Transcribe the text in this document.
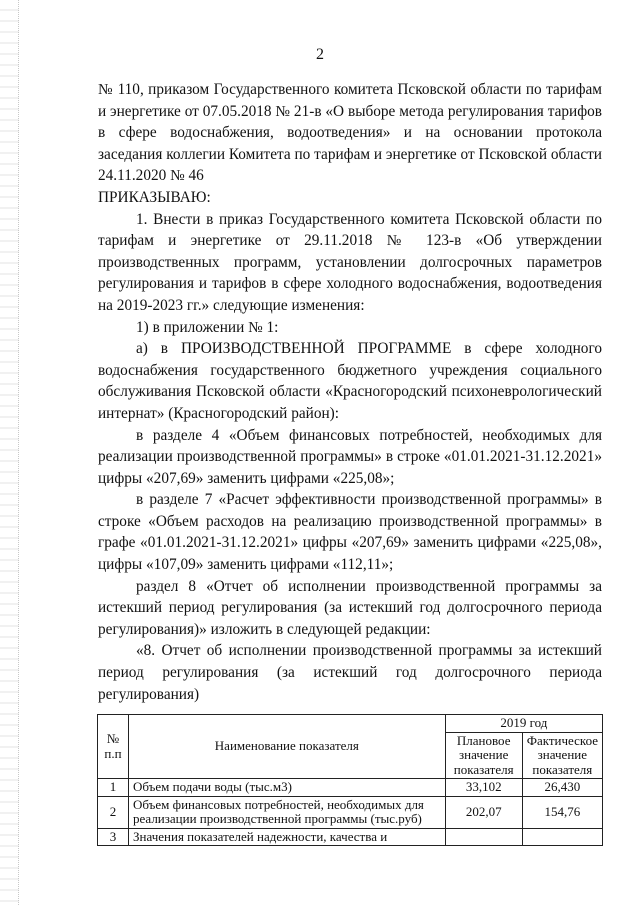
2

№ 110, приказом Государственного комитета Псковской области по тарифам и энергетике от 07.05.2018 № 21-в «О выборе метода регулирования тарифов в сфере водоснабжения, водоотведения» и на основании протокола заседания коллегии Комитета по тарифам и энергетике от Псковской области

24.11.2020 № 46

ПРИКАЗЫВАЮ:

1. Внести в приказ Государственного комитета Псковской области по тарифам и энергетике от 29.11.2018 № 123-в «Об утверждении производственных программ, установлении долгосрочных параметров регулирования и тарифов в сфере холодного водоснабжения, водоотведения на 2019-2023 гг.» следующие изменения:

1) в приложении № 1:

а) в ПРОИЗВОДСТВЕННОЙ ПРОГРАММЕ в сфере холодного водоснабжения государственного бюджетного учреждения социального обслуживания Псковской области «Красногородский психоневрологический интернат» (Красногородский район):

в разделе 4 «Объем финансовых потребностей, необходимых для реализации производственной программы» в строке «01.01.2021-31.12.2021» цифры «207,69» заменить цифрами «225,08»;

в разделе 7 «Расчет эффективности производственной программы» в строке «Объем расходов на реализацию производственной программы» в графе «01.01.2021-31.12.2021» цифры «207,69» заменить цифрами «225,08», цифры «107,09» заменить цифрами «112,11»;

раздел 8 «Отчет об исполнении производственной программы за истекший период регулирования (за истекший год долгосрочного периода регулирования)» изложить в следующей редакции:

«8. Отчет об исполнении производственной программы за истекший период регулирования (за истекший год долгосрочного периода регулирования)

№ п.п	Наименование показателя	2019 год	
		Плановое значение показателя	Фактическое значение показателя
1	Объем подачи воды (тыс.м3)	33,102	26,430
2	Объем финансовых потребностей, необходимых для реализации производственной программы (тыс.руб)	202,07	154,76
3	Значения показателей надежности, качества и		
